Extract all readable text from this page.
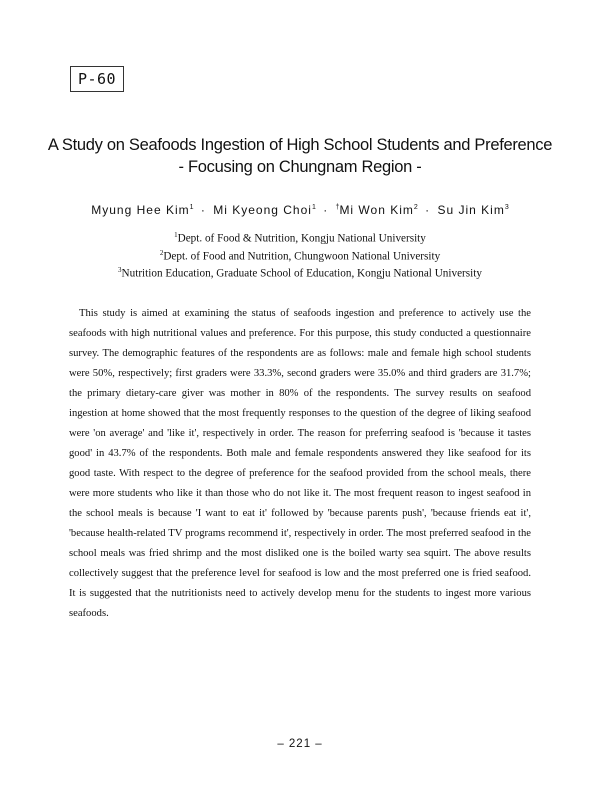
P-60
A Study on Seafoods Ingestion of High School Students and Preference
- Focusing on Chungnam Region -
Myung Hee Kim$^1$ · Mi Kyeong Choi$^1$ · †Mi Won Kim$^2$ · Su Jin Kim$^3$
$^1$Dept. of Food & Nutrition, Kongju National University
$^2$Dept. of Food and Nutrition, Chungwoon National University
$^3$Nutrition Education, Graduate School of Education, Kongju National University

This study is aimed at examining the status of seafoods ingestion and preference to actively use the seafoods with high nutritional values and preference. For this purpose, this study conducted a questionnaire survey. The demographic features of the respondents are as follows: male and female high school students were 50%, respectively; first graders were 33.3%, second graders were 35.0% and third graders are 31.7%; the primary dietary-care giver was mother in 80% of the respondents. The survey results on seafood ingestion at home showed that the most frequently responses to the question of the degree of liking seafood were 'on average' and 'like it', respectively in order. The reason for preferring seafood is 'because it tastes good' in 43.7% of the respondents. Both male and female respondents answered they like seafood for its good taste. With respect to the degree of preference for the seafood provided from the school meals, there were more students who like it than those who do not like it. The most frequent reason to ingest seafood in the school meals is because 'I want to eat it' followed by 'because parents push', 'because friends eat it', 'because health-related TV programs recommend it', respectively in order. The most preferred seafood in the school meals was fried shrimp and the most disliked one is the boiled warty sea squirt. The above results collectively suggest that the preference level for seafood is low and the most preferred one is fried seafood. It is suggested that the nutritionists need to actively develop menu for the students to ingest more various seafoods.

– 221 –
